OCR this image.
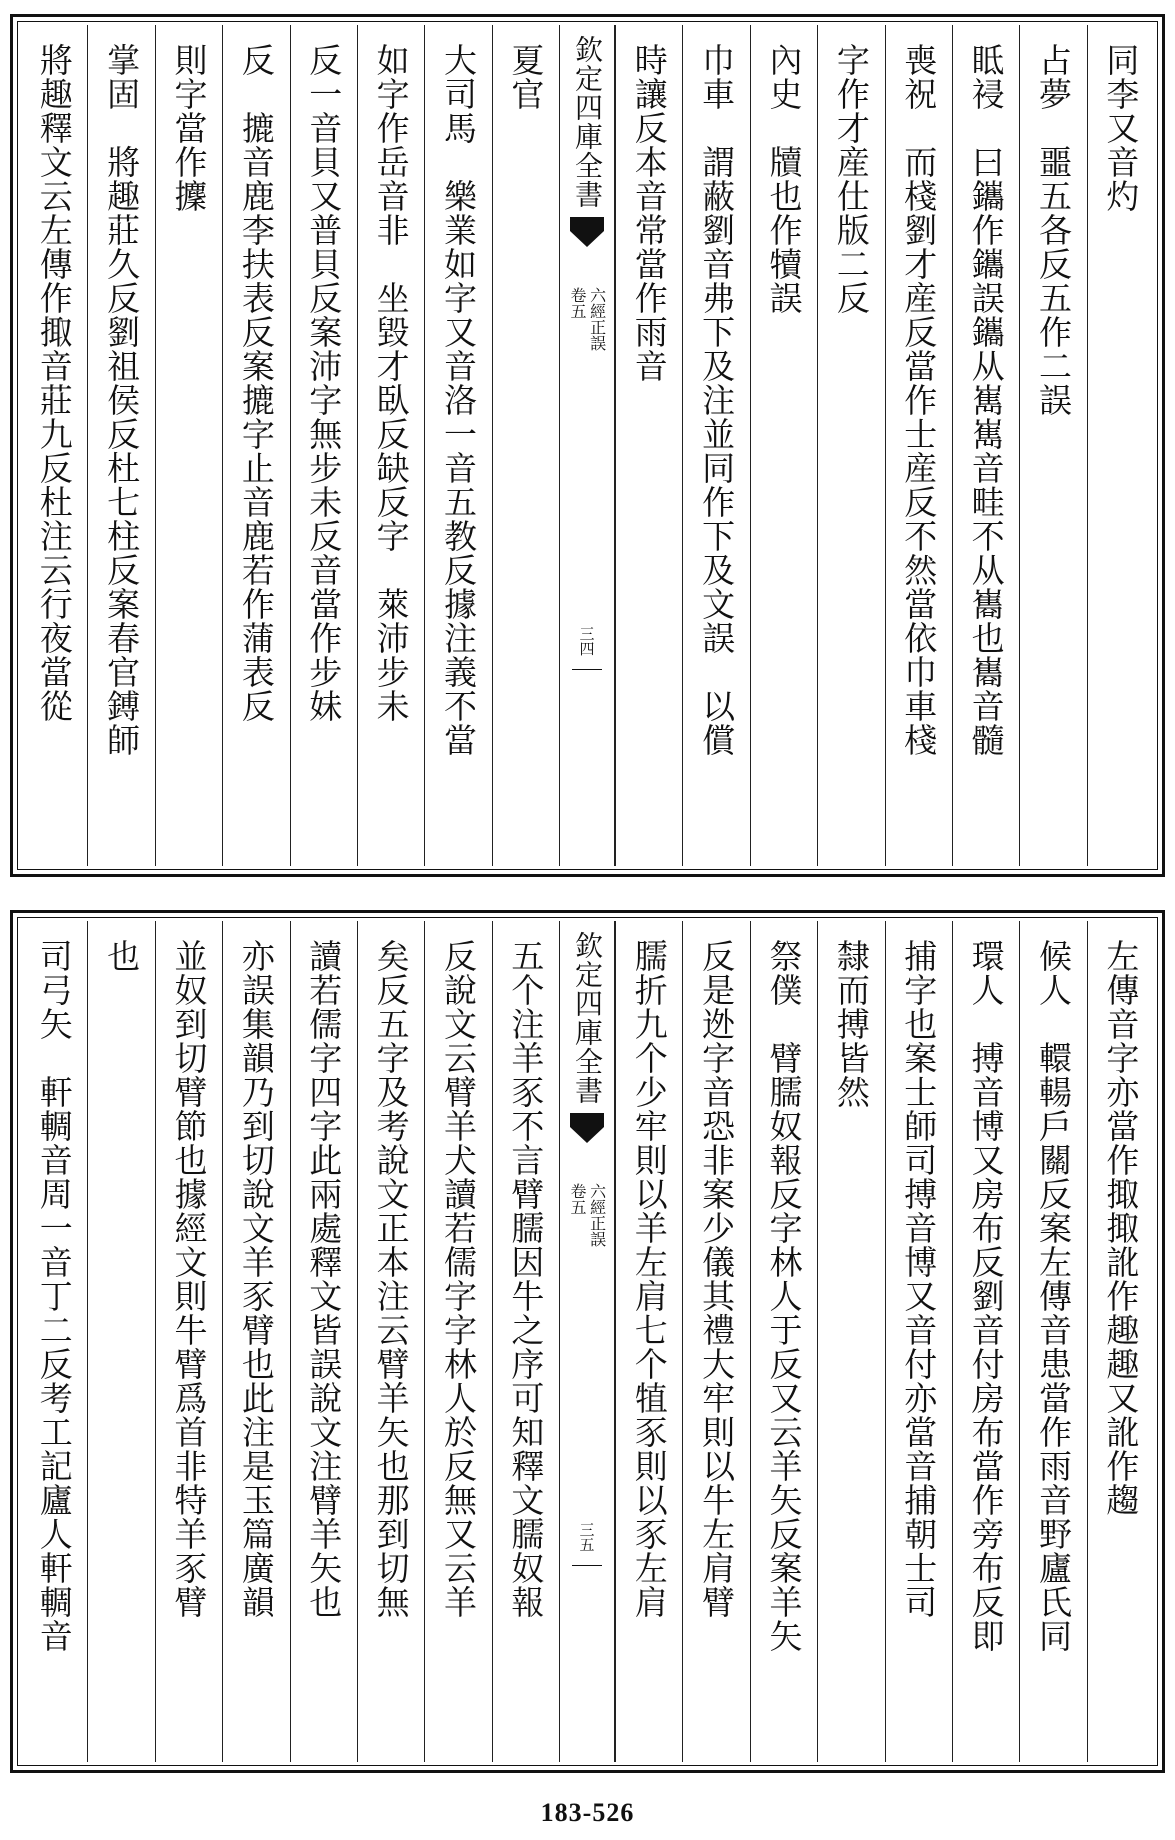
同李又音灼
占夢　噩五各反五作二誤
眡祲　曰鑴作鑴誤鑴从嶲嶲音畦不从巂也巂音髓
喪祝　而棧劉才産反當作士産反不然當依巾車棧
字作才産仕版二反
內史　牘也作犢誤
巾車　謂蔽劉音弗下及注並同作下及文誤　以償
時讓反本音常當作雨音
欽定四庫全書
六經正誤
卷五
三四
夏官
大司馬　樂業如字又音洛一音五教反據注義不當
如字作岳音非　坐毀才臥反缺反字　萊沛步未
反一音貝又普貝反案沛字無步未反音當作步妹
反　摝音鹿李扶表反案摝字止音鹿若作蒲表反
則字當作攈
掌固　將趣莊久反劉祖侯反杜七柱反案春官鎛師
將趣釋文云左傳作掫音莊九反杜注云行夜當從
左傳音字亦當作掫掫訛作趣趣又訛作趨
候人　轘輰戶關反案左傳音患當作雨音野廬氏同
環人　搏音博又房布反劉音付房布當作旁布反即
捕字也案士師司搏音博又音付亦當音捕朝士司
隸而搏皆然
祭僕　臂臑奴報反字林人于反又云羊矢反案羊矢
反是迯字音恐非案少儀其禮大牢則以牛左肩臂
臑折九个少牢則以羊左肩七个犆豕則以豕左肩
欽定四庫全書
六經正誤
卷五
三五
五个注羊豕不言臂臑因牛之序可知釋文臑奴報
反說文云臂羊犬讀若儒字字林人於反無又云羊
矣反五字及考說文正本注云臂羊矢也那到切無
讀若儒字四字此兩處釋文皆誤說文注臂羊矢也
亦誤集韻乃到切說文羊豕臂也此注是玉篇廣韻
並奴到切臂節也據經文則牛臂爲首非特羊豕臂
也
司弓矢　軒輖音周一音丁二反考工記廬人軒輖音
183-526
